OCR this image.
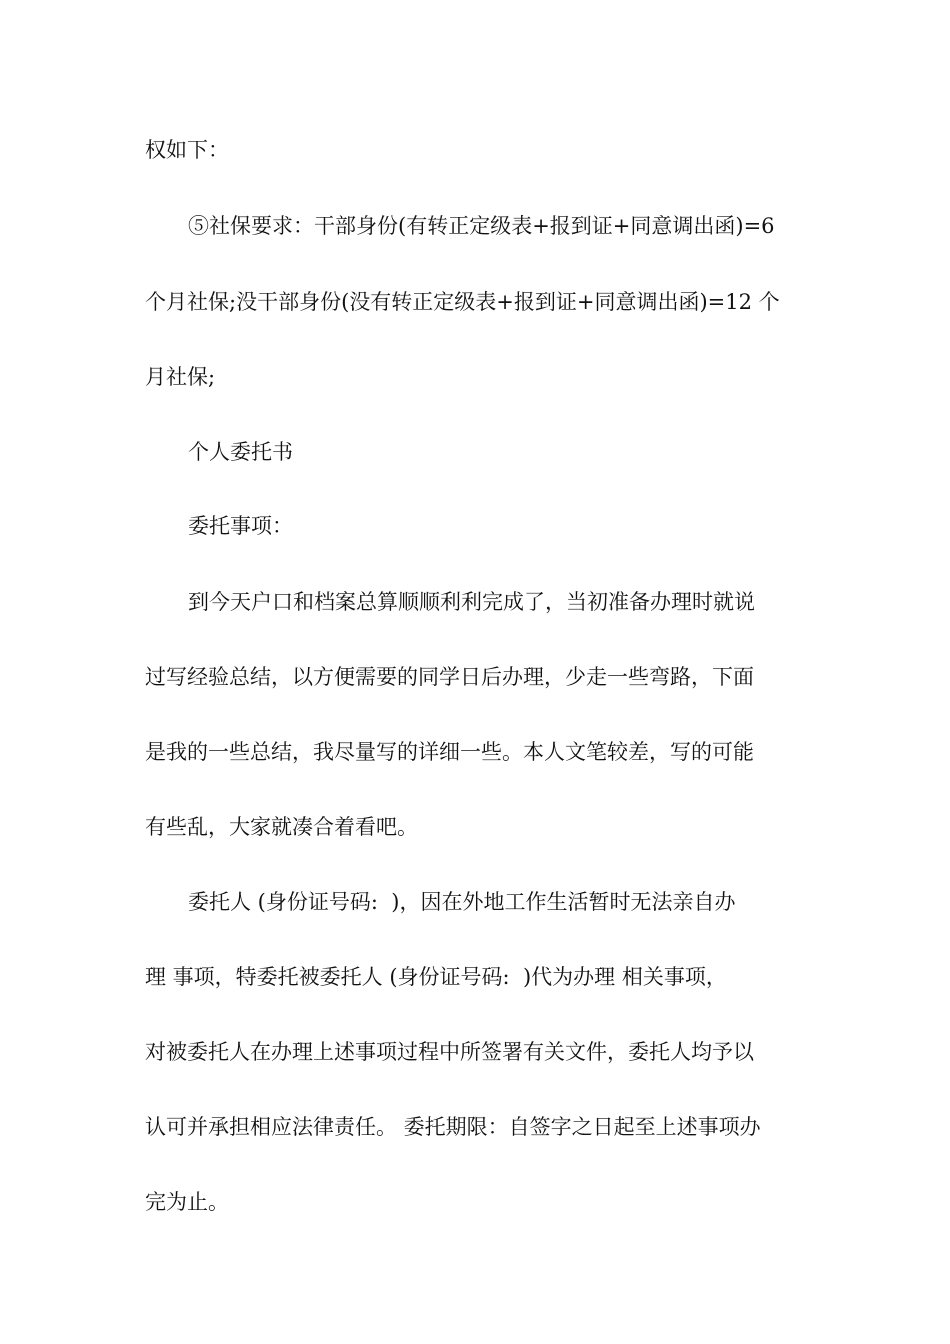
权如下：
⑤社保要求：干部身份(有转正定级表+报到证+同意调出函)=6
个月社保;没干部身份(没有转正定级表+报到证+同意调出函)=12 个
月社保;
个人委托书
委托事项：
到今天户口和档案总算顺顺利利完成了，当初准备办理时就说
过写经验总结，以方便需要的同学日后办理，少走一些弯路，下面
是我的一些总结，我尽量写的详细一些。本人文笔较差，写的可能
有些乱，大家就凑合着看吧。
委托人 (身份证号码:  )，因在外地工作生活暂时无法亲自办
理 事项，特委托被委托人 (身份证号码:  )代为办理 相关事项，
对被委托人在办理上述事项过程中所签署有关文件，委托人均予以
认可并承担相应法律责任。 委托期限：自签字之日起至上述事项办
完为止。
